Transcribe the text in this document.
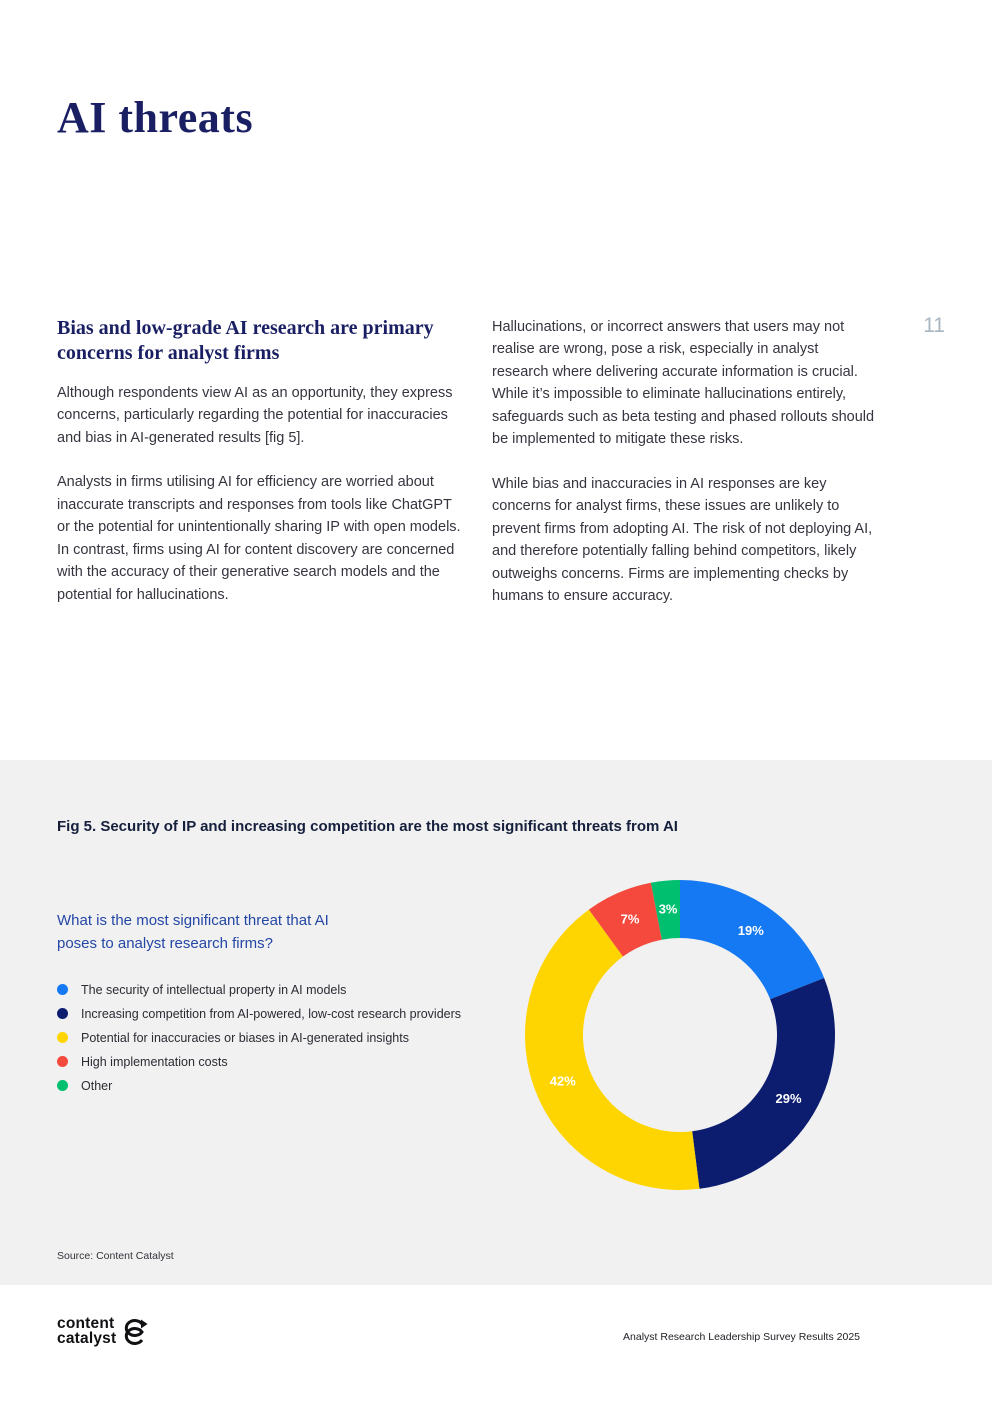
AI threats
11
Bias and low-grade AI research are primary concerns for analyst firms

Although respondents view AI as an opportunity, they express concerns, particularly regarding the potential for inaccuracies and bias in AI-generated results [fig 5].

Analysts in firms utilising AI for efficiency are worried about inaccurate transcripts and responses from tools like ChatGPT or the potential for unintentionally sharing IP with open models. In contrast, firms using AI for content discovery are concerned with the accuracy of their generative search models and the potential for hallucinations.

Hallucinations, or incorrect answers that users may not realise are wrong, pose a risk, especially in analyst research where delivering accurate information is crucial. While it’s impossible to eliminate hallucinations entirely, safeguards such as beta testing and phased rollouts should be implemented to mitigate these risks.

While bias and inaccuracies in AI responses are key concerns for analyst firms, these issues are unlikely to prevent firms from adopting AI. The risk of not deploying AI, and therefore potentially falling behind competitors, likely outweighs concerns. Firms are implementing checks by humans to ensure accuracy.

Fig 5. Security of IP and increasing competition are the most significant threats from AI
What is the most significant threat that AI poses to analyst research firms?
The security of intellectual property in AI models
Increasing competition from AI-powered, low-cost research providers
Potential for inaccuracies or biases in AI-generated insights
High implementation costs
Other
19%
29%
42%
7%
3%
Source: Content Catalyst
content
catalyst	Analyst Research Leadership Survey Results 2025
